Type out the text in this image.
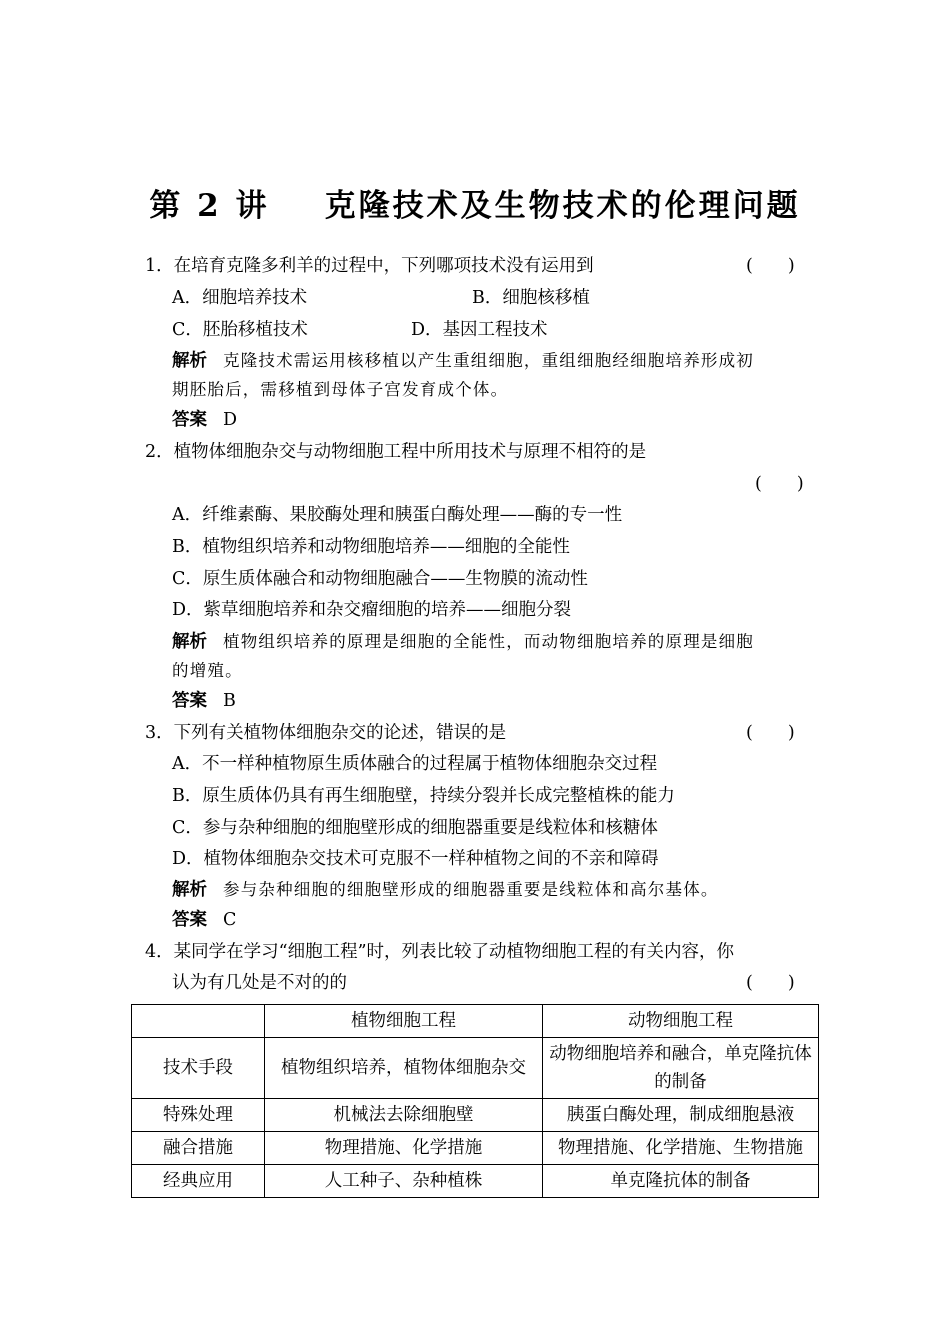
第 2 讲    克隆技术及生物技术的伦理问题
1．在培育克隆多利羊的过程中，下列哪项技术没有运用到	(　　)
A．细胞培养技术	B．细胞核移植
C．胚胎移植技术	D．基因工程技术
解析 克隆技术需运用核移植以产生重组细胞，重组细胞经细胞培养形成初
期胚胎后，需移植到母体子宫发育成个体。
答案 D
2．植物体细胞杂交与动物细胞工程中所用技术与原理不相符的是
(　　)
A．纤维素酶、果胶酶处理和胰蛋白酶处理——酶的专一性
B．植物组织培养和动物细胞培养——细胞的全能性
C．原生质体融合和动物细胞融合——生物膜的流动性
D．紫草细胞培养和杂交瘤细胞的培养——细胞分裂
解析 植物组织培养的原理是细胞的全能性，而动物细胞培养的原理是细胞
的增殖。
答案 B
3．下列有关植物体细胞杂交的论述，错误的是	(　　)
A．不一样种植物原生质体融合的过程属于植物体细胞杂交过程
B．原生质体仍具有再生细胞壁，持续分裂并长成完整植株的能力
C．参与杂种细胞的细胞壁形成的细胞器重要是线粒体和核糖体
D．植物体细胞杂交技术可克服不一样种植物之间的不亲和障碍
解析 参与杂种细胞的细胞壁形成的细胞器重要是线粒体和高尔基体。
答案 C
4．某同学在学习“细胞工程”时，列表比较了动植物细胞工程的有关内容，你
认为有几处是不对的的	(　　)
	植物细胞工程	动物细胞工程
技术手段	植物组织培养，植物体细胞杂交	动物细胞培养和融合，单克隆抗体的制备
特殊处理	机械法去除细胞壁	胰蛋白酶处理，制成细胞悬液
融合措施	物理措施、化学措施	物理措施、化学措施、生物措施
经典应用	人工种子、杂种植株	单克隆抗体的制备
